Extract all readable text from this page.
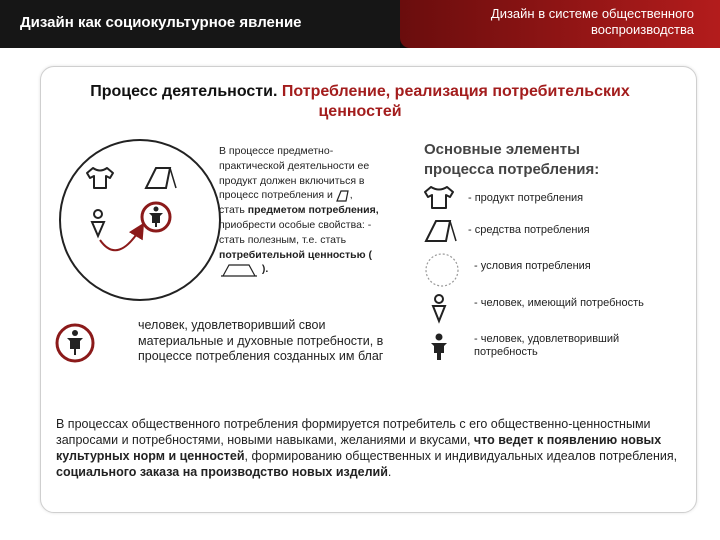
Дизайн как социокультурное явление
Дизайн в системе общественного
воспроизводства
Процесс деятельности. Потребление, реализация потребительских
ценностей
В процессе предметно-практической деятельности ее продукт должен включиться в процесс потребления и , стать предметом потребления, приобрести особые свойства: - стать полезным, т.е. стать потребительной ценностью (  ).
человек, удовлетворивший свои материальные и духовные потребности, в процессе потребления созданных им благ
Основные элементы
процесса потребления:
- продукт потребления
- средства потребления
- условия потребления
- человек, имеющий потребность
- человек, удовлетворивший потребность
В процессах общественного потребления формируется потребитель с его общественно-ценностными запросами и потребностями, новыми навыками, желаниями и вкусами, что ведет к появлению новых культурных норм и ценностей, формированию общественных и индивидуальных идеалов потребления, социального заказа на производство новых изделий.
